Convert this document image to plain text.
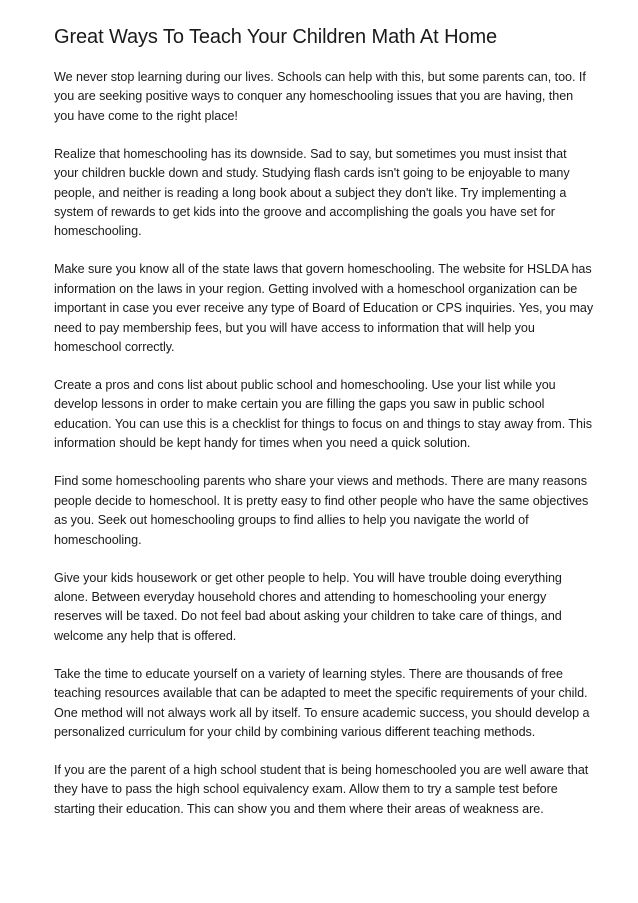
Great Ways To Teach Your Children Math At Home

We never stop learning during our lives. Schools can help with this, but some parents can, too. If you are seeking positive ways to conquer any homeschooling issues that you are having, then you have come to the right place!

Realize that homeschooling has its downside. Sad to say, but sometimes you must insist that your children buckle down and study. Studying flash cards isn't going to be enjoyable to many people, and neither is reading a long book about a subject they don't like. Try implementing a system of rewards to get kids into the groove and accomplishing the goals you have set for homeschooling.

Make sure you know all of the state laws that govern homeschooling. The website for HSLDA has information on the laws in your region. Getting involved with a homeschool organization can be important in case you ever receive any type of Board of Education or CPS inquiries. Yes, you may need to pay membership fees, but you will have access to information that will help you homeschool correctly.

Create a pros and cons list about public school and homeschooling. Use your list while you develop lessons in order to make certain you are filling the gaps you saw in public school education. You can use this is a checklist for things to focus on and things to stay away from. This information should be kept handy for times when you need a quick solution.

Find some homeschooling parents who share your views and methods. There are many reasons people decide to homeschool. It is pretty easy to find other people who have the same objectives as you. Seek out homeschooling groups to find allies to help you navigate the world of homeschooling.

Give your kids housework or get other people to help. You will have trouble doing everything alone. Between everyday household chores and attending to homeschooling your energy reserves will be taxed. Do not feel bad about asking your children to take care of things, and welcome any help that is offered.

Take the time to educate yourself on a variety of learning styles. There are thousands of free teaching resources available that can be adapted to meet the specific requirements of your child. One method will not always work all by itself. To ensure academic success, you should develop a personalized curriculum for your child by combining various different teaching methods.

If you are the parent of a high school student that is being homeschooled you are well aware that they have to pass the high school equivalency exam. Allow them to try a sample test before starting their education. This can show you and them where their areas of weakness are.
